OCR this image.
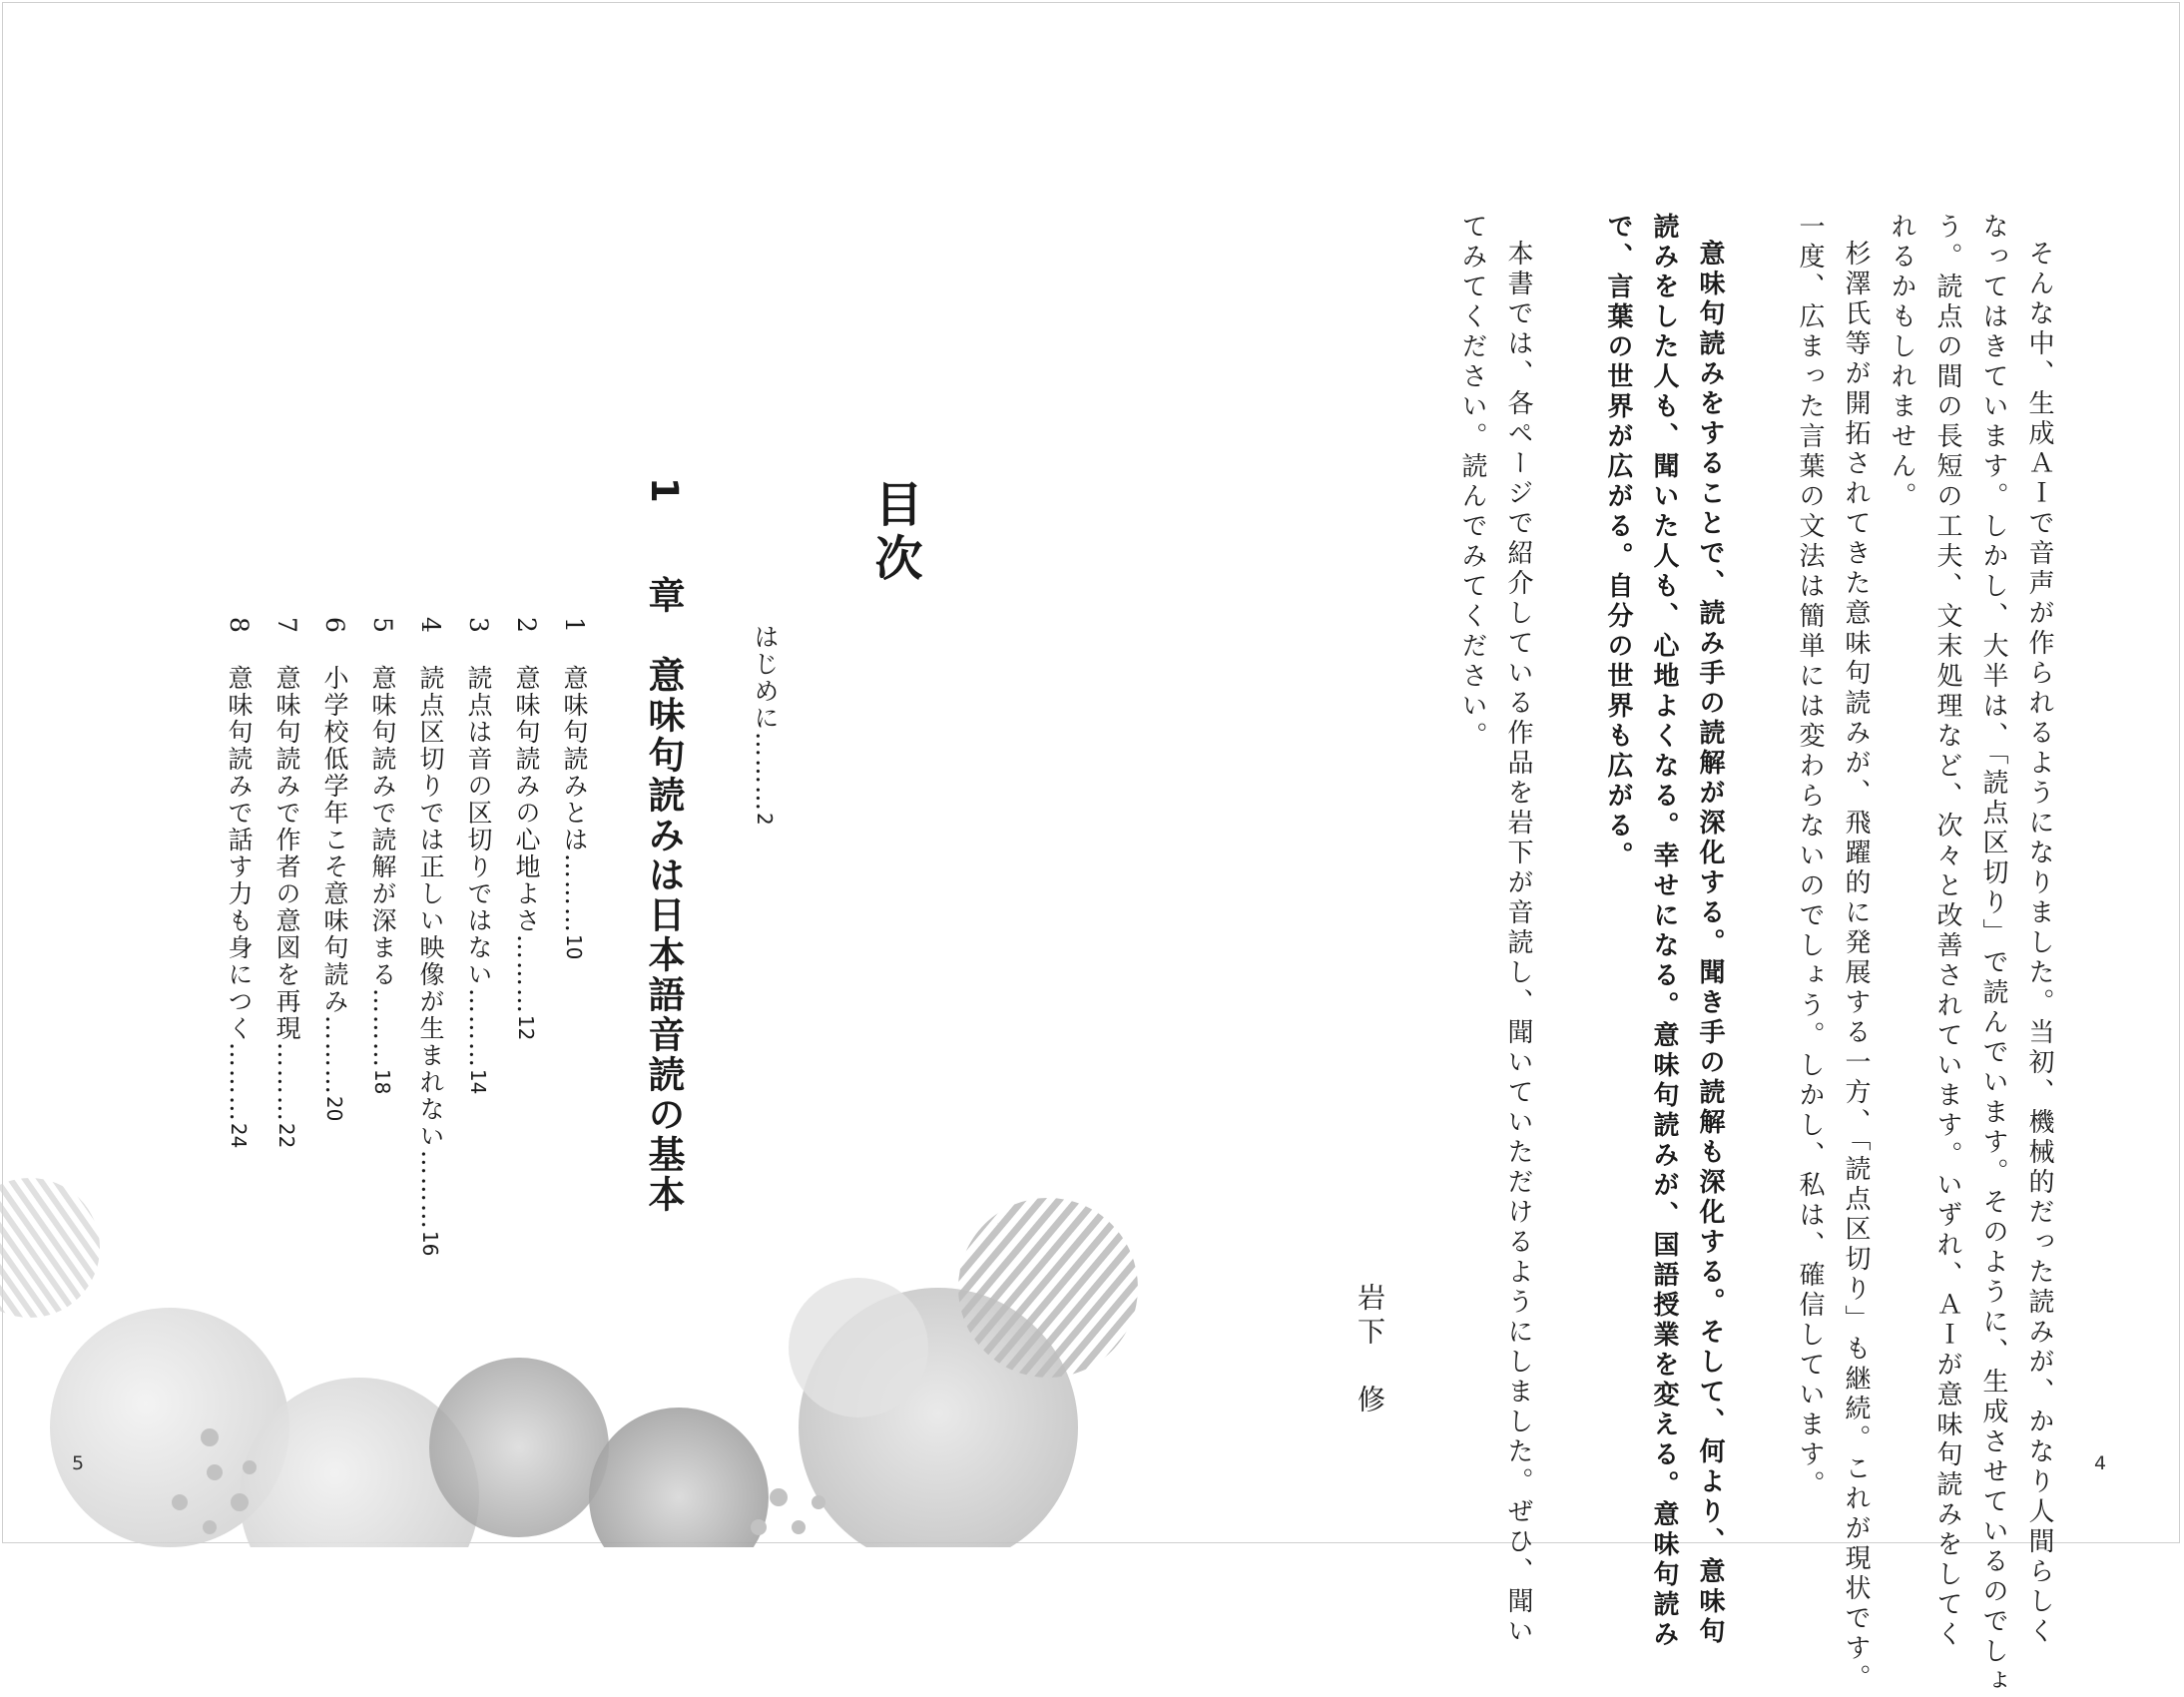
そんな中、生成ＡＩで音声が作られるようになりました。当初、機械的だった読みが、かなり人間らしく
なってはきています。しかし、大半は、「読点区切り」で読んでいます。そのように、生成させているのでしょ
う。読点の間の長短の工夫、文末処理など、次々と改善されています。いずれ、ＡＩが意味句読みをしてく
れるかもしれません。
杉澤氏等が開拓されてきた意味句読みが、飛躍的に発展する一方、「読点区切り」も継続。これが現状です。
一度、広まった言葉の文法は簡単には変わらないのでしょう。しかし、私は、確信しています。
意味句読みをすることで、読み手の読解が深化する。聞き手の読解も深化する。そして、何より、意味句
読みをした人も、聞いた人も、心地よくなる。幸せになる。意味句読みが、国語授業を変える。意味句読み
で、言葉の世界が広がる。自分の世界も広がる。
本書では、各ページで紹介している作品を岩下が音読し、聞いていただけるようにしました。ぜひ、聞い
てみてください。読んでみてください。
岩下　修
4
目次
はじめに………2
1章意味句読みは日本語音読の基本
1意味句読みとは………10
2意味句読みの心地よさ………12
3読点は音の区切りではない………14
4読点区切りでは正しい映像が生まれない………16
5意味句読みで読解が深まる………18
6小学校低学年こそ意味句読み………20
7意味句読みで作者の意図を再現………22
8意味句読みで話す力も身につく………24
5
